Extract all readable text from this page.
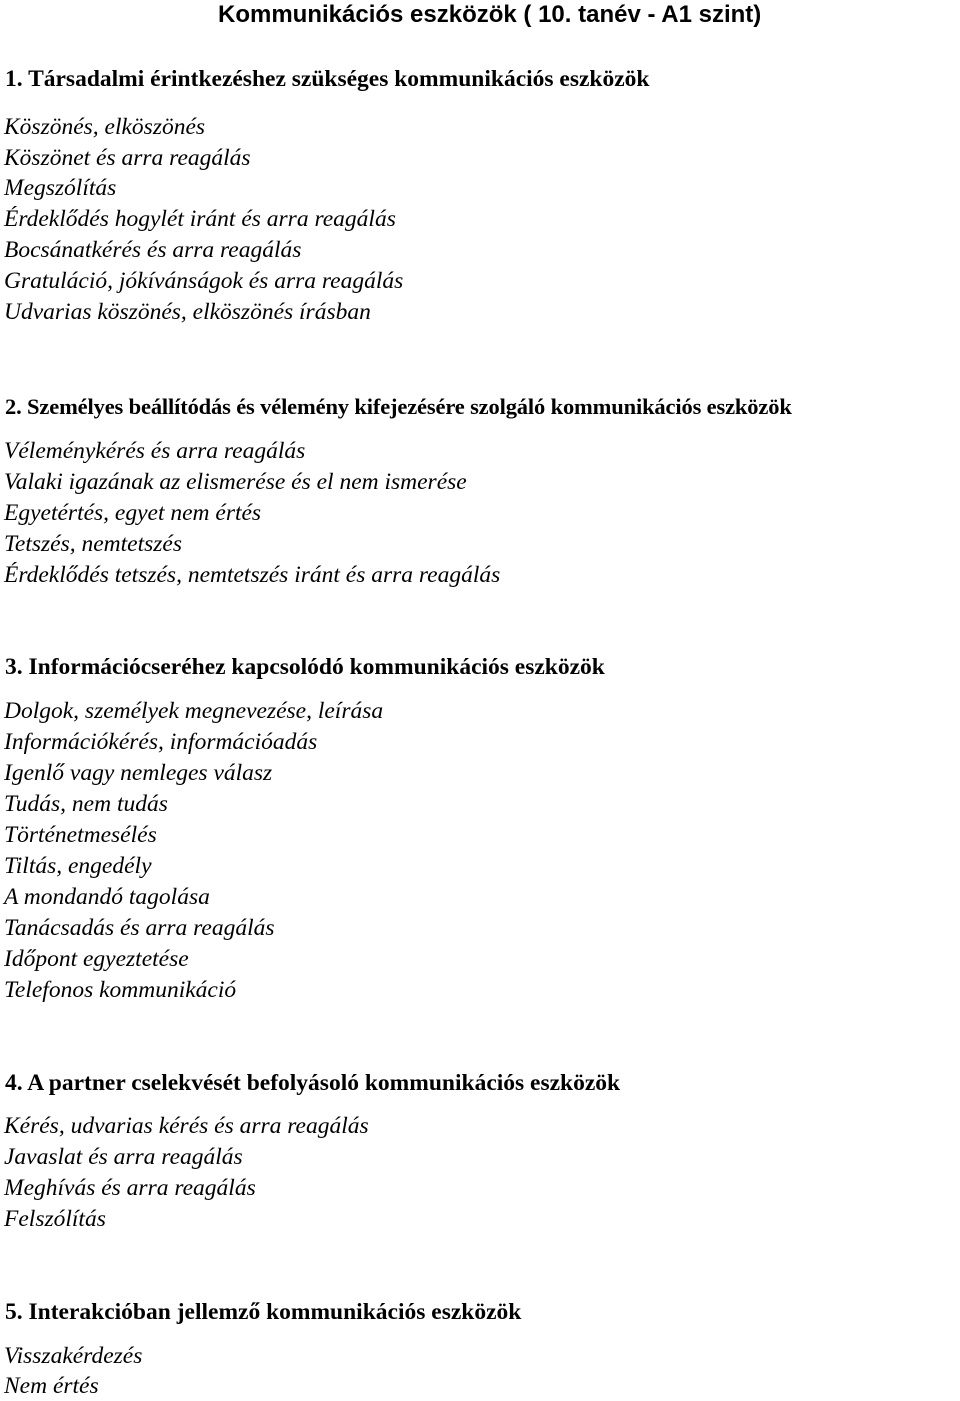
Kommunikációs eszközök ( 10. tanév - A1 szint)
1. Társadalmi érintkezéshez szükséges kommunikációs eszközök
Köszönés, elköszönés
Köszönet és arra reagálás
Megszólítás
Érdeklődés hogylét iránt és arra reagálás
Bocsánatkérés és arra reagálás
Gratuláció, jókívánságok és arra reagálás
Udvarias köszönés, elköszönés írásban
2. Személyes beállítódás és vélemény kifejezésére szolgáló kommunikációs eszközök
Véleménykérés és arra reagálás
Valaki igazának az elismerése és el nem ismerése
Egyetértés, egyet nem értés
Tetszés, nemtetszés
Érdeklődés tetszés, nemtetszés iránt és arra reagálás
3. Információcseréhez kapcsolódó kommunikációs eszközök
Dolgok, személyek megnevezése, leírása
Információkérés, információadás
Igenlő vagy nemleges válasz
Tudás, nem tudás
Történetmesélés
Tiltás, engedély
A mondandó tagolása
Tanácsadás és arra reagálás
Időpont egyeztetése
Telefonos kommunikáció
4. A partner cselekvését befolyásoló kommunikációs eszközök
Kérés, udvarias kérés és arra reagálás
Javaslat és arra reagálás
Meghívás és arra reagálás
Felszólítás
5. Interakcióban jellemző kommunikációs eszközök
Visszakérdezés
Nem értés
